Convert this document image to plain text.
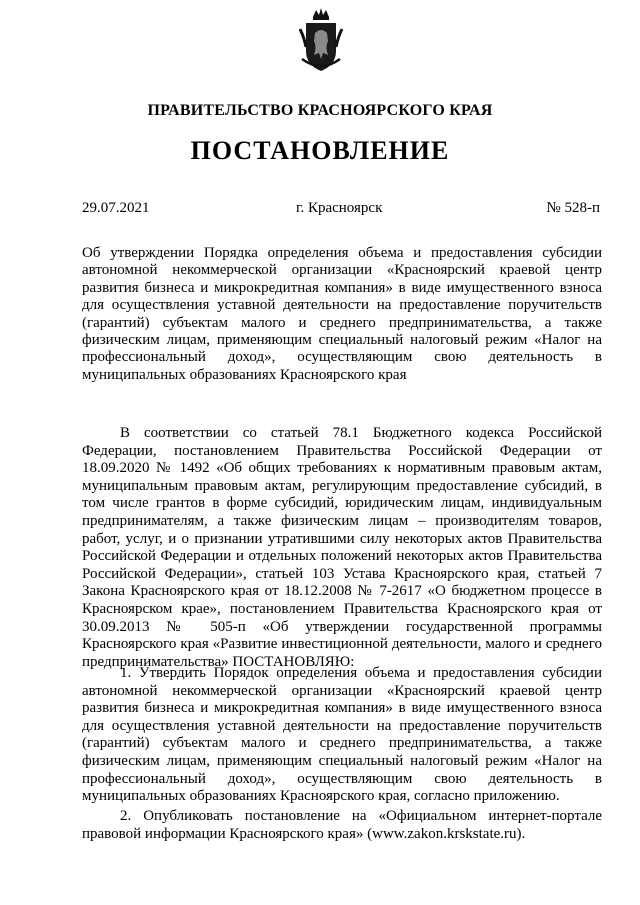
ПРАВИТЕЛЬСТВО КРАСНОЯРСКОГО КРАЯ
ПОСТАНОВЛЕНИЕ
29.07.2021	г. Красноярск	№ 528-п
Об утверждении Порядка определения объема и предоставления субсидии автономной некоммерческой организации «Красноярский краевой центр развития бизнеса и микрокредитная компания» в виде имущественного взноса для осуществления уставной деятельности на предоставление поручительств (гарантий) субъектам малого и среднего предпринимательства, а также физическим лицам, применяющим специальный налоговый режим «Налог на профессиональный доход», осуществляющим свою деятельность в муниципальных образованиях Красноярского края
В соответствии со статьей 78.1 Бюджетного кодекса Российской Федерации, постановлением Правительства Российской Федерации от 18.09.2020 № 1492 «Об общих требованиях к нормативным правовым актам, муниципальным правовым актам, регулирующим предоставление субсидий, в том числе грантов в форме субсидий, юридическим лицам, индивидуальным предпринимателям, а также физическим лицам – производителям товаров, работ, услуг, и о признании утратившими силу некоторых актов Правительства Российской Федерации и отдельных положений некоторых актов Правительства Российской Федерации», статьей 103 Устава Красноярского края, статьей 7 Закона Красноярского края от 18.12.2008 № 7-2617 «О бюджетном процессе в Красноярском крае», постановлением Правительства Красноярского края от 30.09.2013 № 505-п «Об утверждении государственной программы Красноярского края «Развитие инвестиционной деятельности, малого и среднего предпринимательства» ПОСТАНОВЛЯЮ:
1. Утвердить Порядок определения объема и предоставления субсидии автономной некоммерческой организации «Красноярский краевой центр развития бизнеса и микрокредитная компания» в виде имущественного взноса для осуществления уставной деятельности на предоставление поручительств (гарантий) субъектам малого и среднего предпринимательства, а также физическим лицам, применяющим специальный налоговый режим «Налог на профессиональный доход», осуществляющим свою деятельность в муниципальных образованиях Красноярского края, согласно приложению.
2. Опубликовать постановление на «Официальном интернет-портале правовой информации Красноярского края» (www.zakon.krskstate.ru).
